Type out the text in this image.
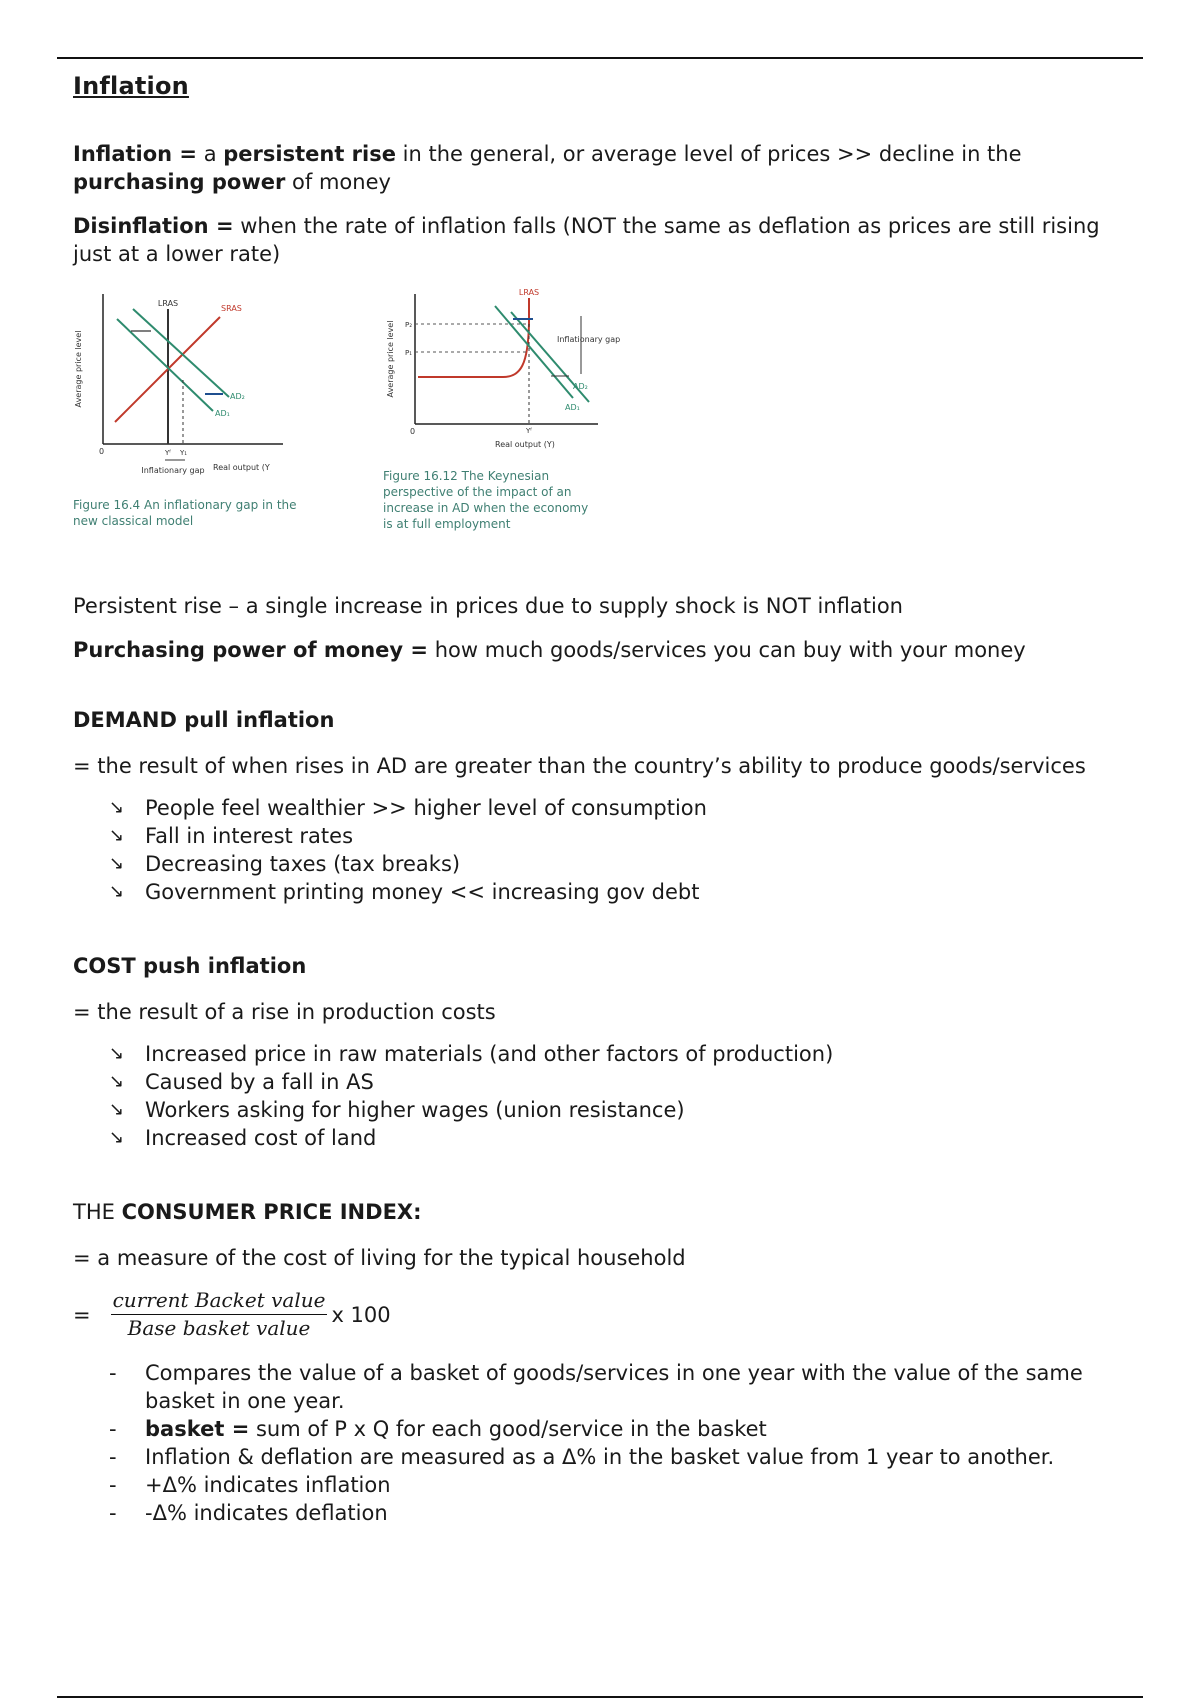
Inflation

Inflation = a persistent rise in the general, or average level of prices >> decline in the purchasing power of money

Disinflation = when the rate of inflation falls (NOT the same as deflation as prices are still rising just at a lower rate)

Average price level
LRAS
SRAS
AD₂
AD₁
0	Yᶠ Y₁
Inflationary gap Real output (Y
Figure 16.4 An inflationary gap in the new classical model
Average price level
LRAS
P₂
P₁
Inflationary gap
AD₂
AD₁
0	Yᶠ
Real output (Y)
Figure 16.12 The Keynesian perspective of the impact of an increase in AD when the economy is at full employment

Persistent rise – a single increase in prices due to supply shock is NOT inflation

Purchasing power of money = how much goods/services you can buy with your money

DEMAND pull inflation

= the result of when rises in AD are greater than the country’s ability to produce goods/services

↘ People feel wealthier >> higher level of consumption
↘ Fall in interest rates
↘ Decreasing taxes (tax breaks)
↘ Government printing money << increasing gov debt
COST push inflation

= the result of a rise in production costs

↘ Increased price in raw materials (and other factors of production)
↘ Caused by a fall in AS
↘ Workers asking for higher wages (union resistance)
↘ Increased cost of land
THE CONSUMER PRICE INDEX:

= a measure of the cost of living for the typical household

= $\frac{\text{current Backet value}}{\text{Base basket value}}$ x 100
- Compares the value of a basket of goods/services in one year with the value of the same basket in one year.
- basket = sum of P x Q for each good/service in the basket
- Inflation & deflation are measured as a Δ% in the basket value from 1 year to another.
- +Δ% indicates inflation
- -Δ% indicates deflation
